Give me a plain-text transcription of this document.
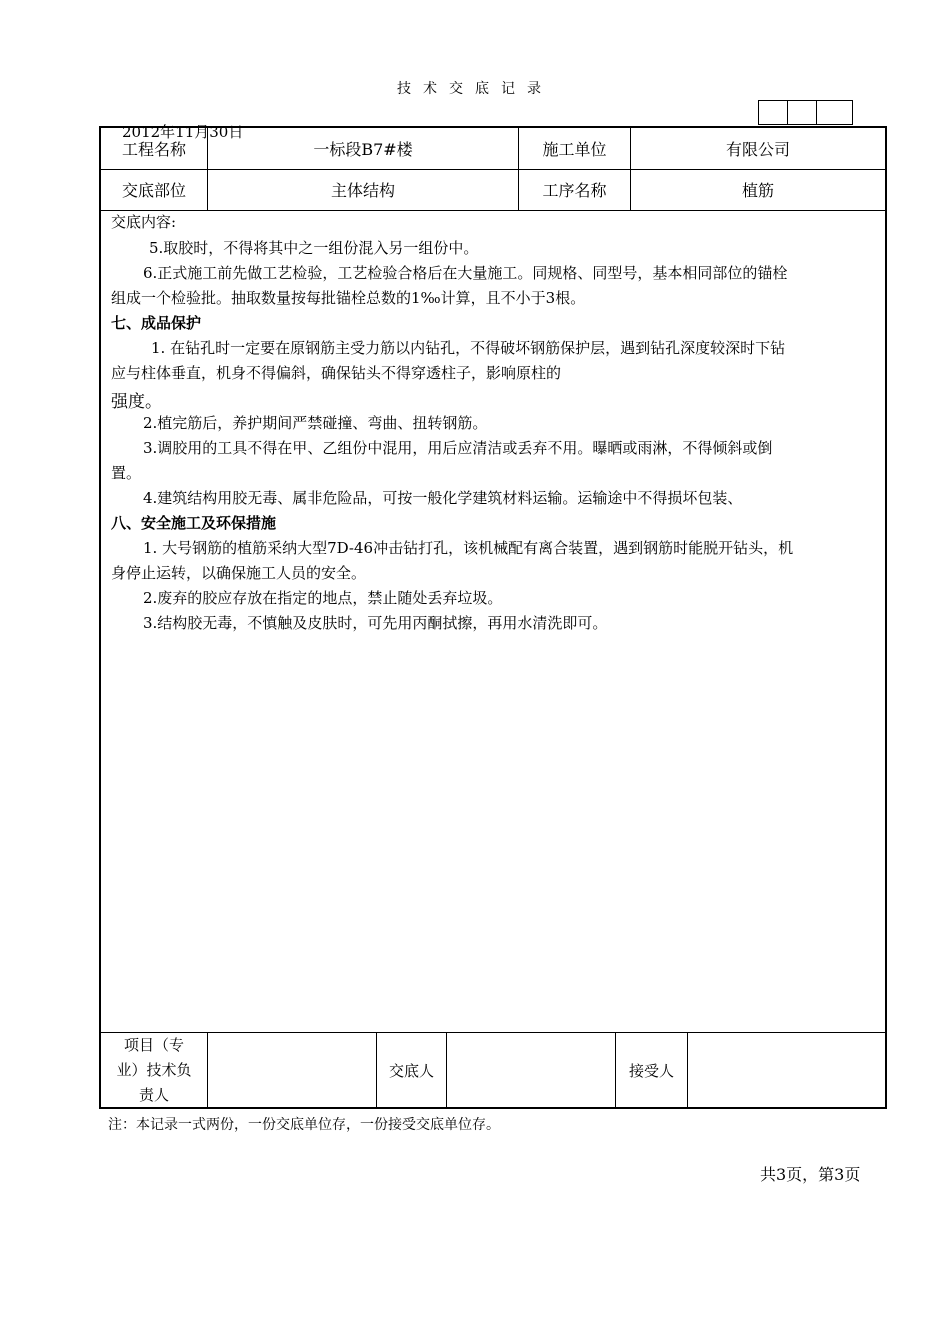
技术交底记录
2012年11月30日
工程名称	一标段B7#楼	施工单位	有限公司
交底部位	主体结构	工序名称	植筋
交底内容:
5.取胶时，不得将其中之一组份混入另一组份中。
6.正式施工前先做工艺检验，工艺检验合格后在大量施工。同规格、同型号，基本相同部位的锚栓
组成一个检验批。抽取数量按每批锚栓总数的1‰计算，且不小于3根。
七、成品保护
1. 在钻孔时一定要在原钢筋主受力筋以内钻孔，不得破坏钢筋保护层，遇到钻孔深度较深时下钻
应与柱体垂直，机身不得偏斜，确保钻头不得穿透柱子，影响原柱的
强度。
2.植完筋后，养护期间严禁碰撞、弯曲、扭转钢筋。
3.调胶用的工具不得在甲、乙组份中混用，用后应清洁或丢弃不用。曝晒或雨淋，不得倾斜或倒
置。
4.建筑结构用胶无毒、属非危险品，可按一般化学建筑材料运输。运输途中不得损坏包装、
八、安全施工及环保措施
1. 大号钢筋的植筋采纳大型7D-46冲击钻打孔，该机械配有离合装置，遇到钢筋时能脱开钻头，机
身停止运转，以确保施工人员的安全。
2.废弃的胶应存放在指定的地点，禁止随处丢弃垃圾。
3.结构胶无毒，不慎触及皮肤时，可先用丙酮拭擦，再用水清洗即可。
项目（专
业）技术负
责人
交底人	接受人
注：本记录一式两份，一份交底单位存，一份接受交底单位存。
共3页，第3页
